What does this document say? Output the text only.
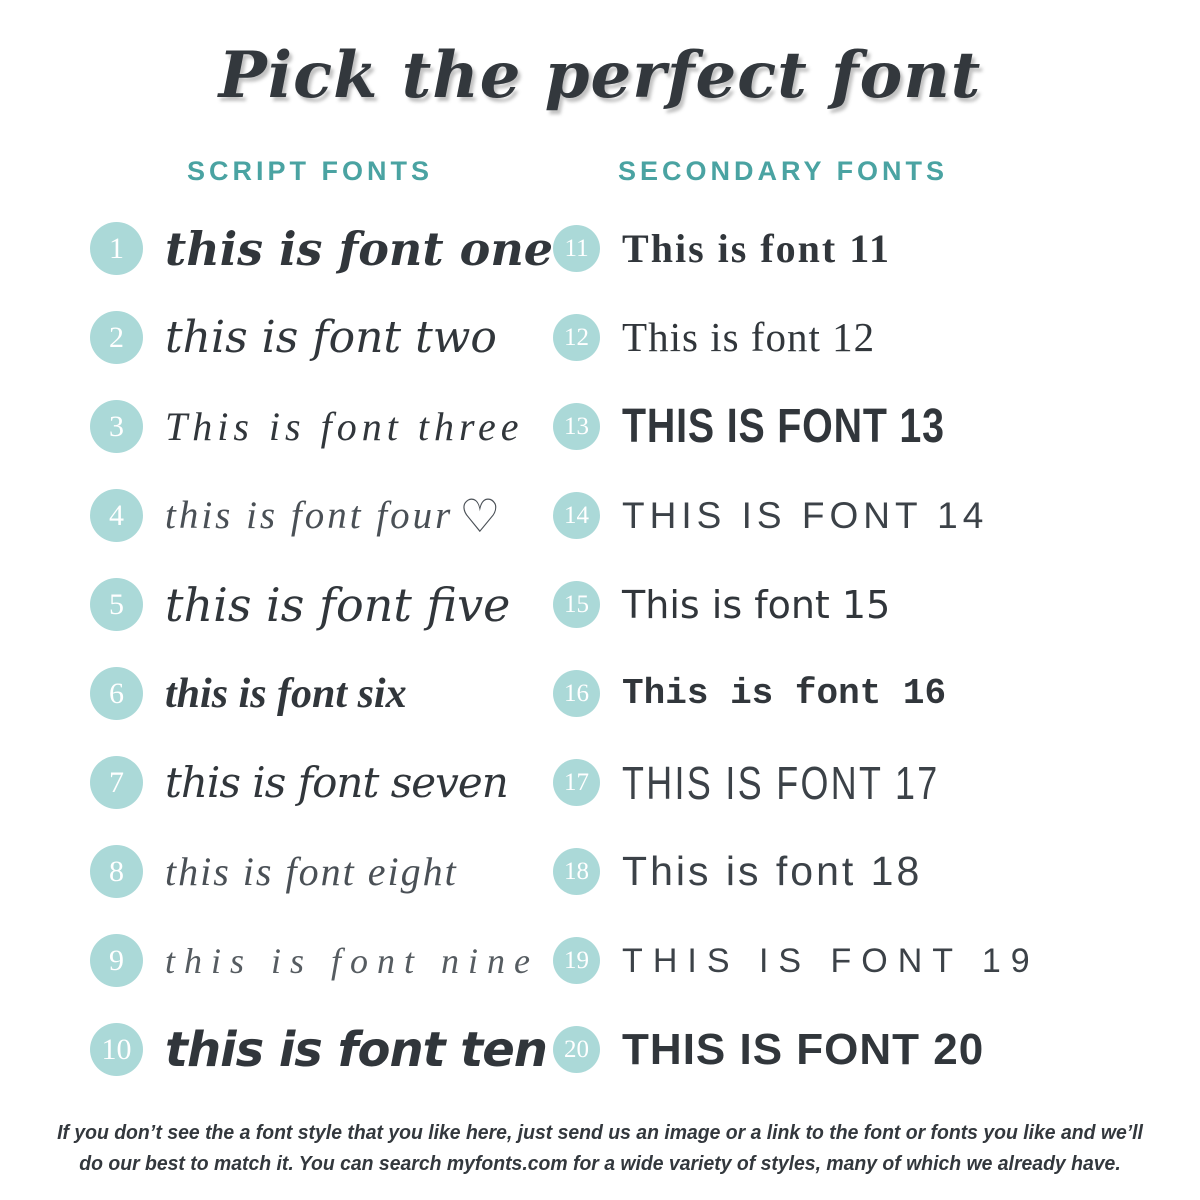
Pick the perfect font
SCRIPT FONTS
1 this is font one
2 this is font two
3	This is font three
4	this is font four ♡
5 this is font five
6 this is font six
7 this is font seven
8	this is font eight
9	this is font nine
10 this is font ten
SECONDARY FONTS
11 This is font 11
12 This is font 12
13 THIS IS FONT 13
14 THIS IS FONT 14
15 This is font 15
16 This is font 16
17 THIS IS FONT 17
18 This is font 18
19 THIS IS FONT 19
20 THIS IS FONT 20
If you don’t see the a font style that you like here, just send us an image or a link to the font or fonts you like and we’ll
do our best to match it. You can search myfonts.com for a wide variety of styles, many of which we already have.
